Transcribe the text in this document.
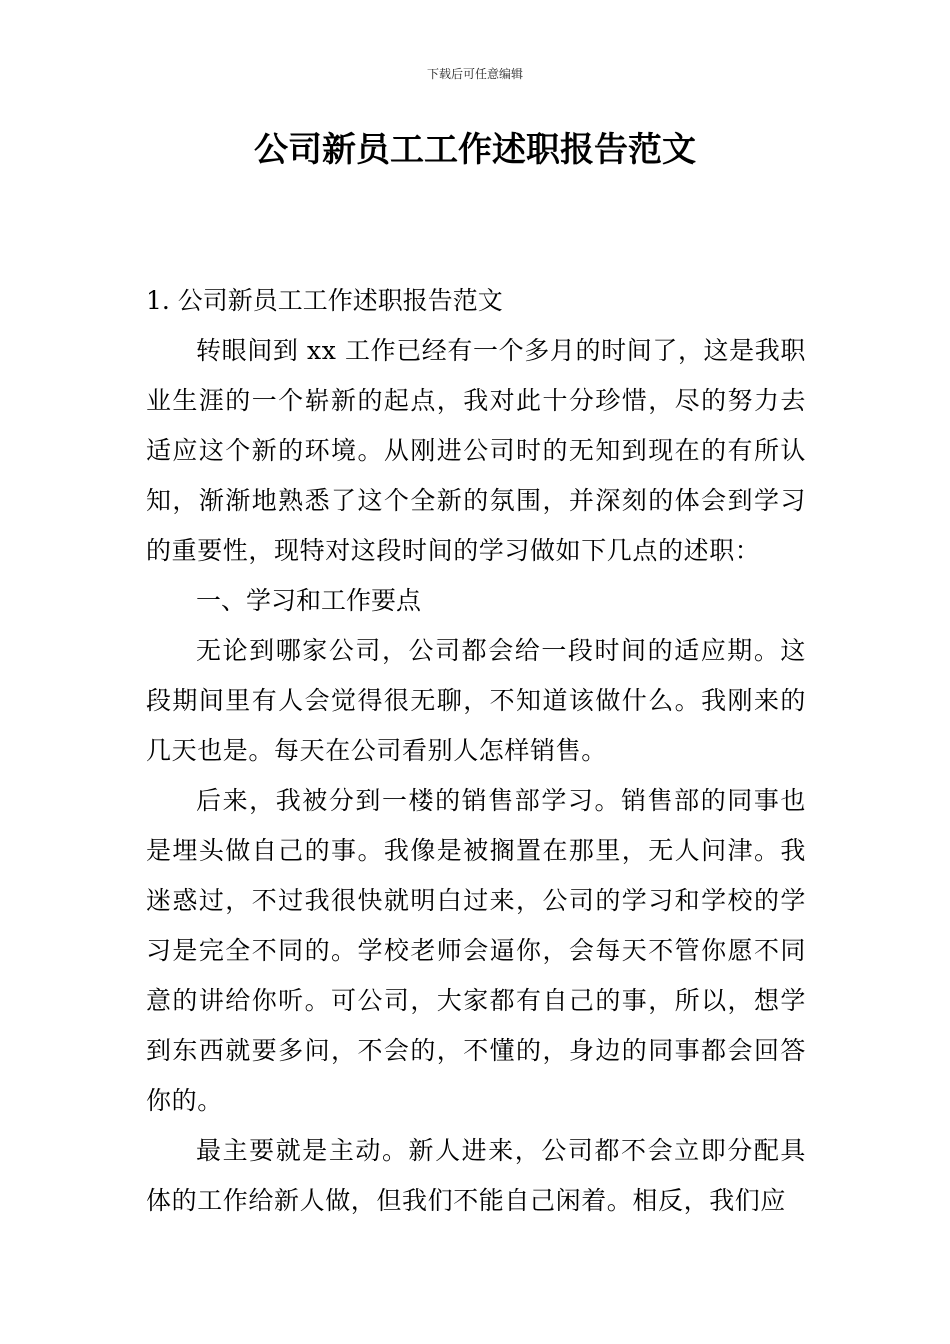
下载后可任意编辑
公司新员工工作述职报告范文
1. 公司新员工工作述职报告范文

转眼间到 xx 工作已经有一个多月的时间了，这是我职业生涯的一个崭新的起点，我对此十分珍惜，尽的努力去适应这个新的环境。从刚进公司时的无知到现在的有所认知，渐渐地熟悉了这个全新的氛围，并深刻的体会到学习的重要性，现特对这段时间的学习做如下几点的述职：

一、学习和工作要点

无论到哪家公司，公司都会给一段时间的适应期。这段期间里有人会觉得很无聊，不知道该做什么。我刚来的几天也是。每天在公司看别人怎样销售。

后来，我被分到一楼的销售部学习。销售部的同事也是埋头做自己的事。我像是被搁置在那里，无人问津。我迷惑过，不过我很快就明白过来，公司的学习和学校的学习是完全不同的。学校老师会逼你，会每天不管你愿不同意的讲给你听。可公司，大家都有自己的事，所以，想学到东西就要多问，不会的，不懂的，身边的同事都会回答你的。

最主要就是主动。新人进来，公司都不会立即分配具体的工作给新人做，但我们不能自己闲着。相反，我们应
